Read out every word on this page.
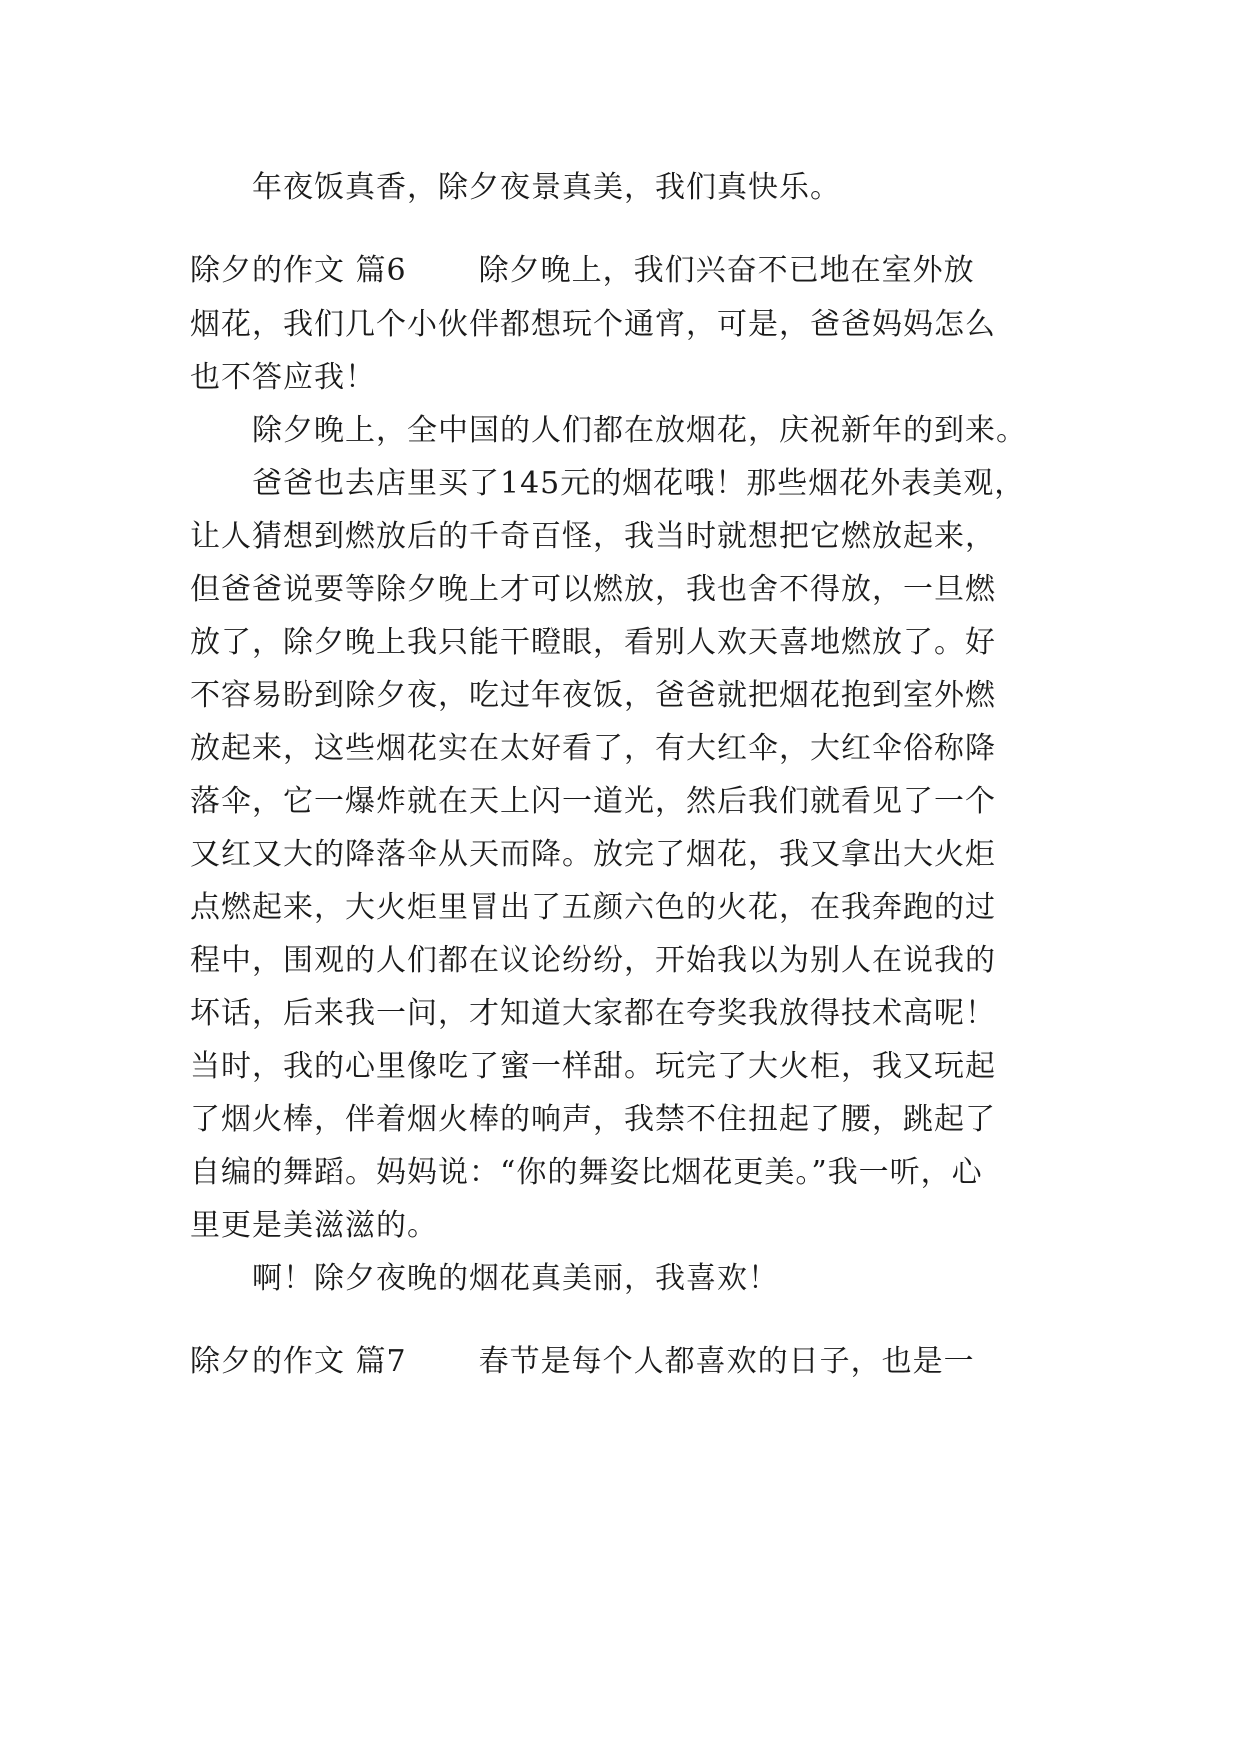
年夜饭真香，除夕夜景真美，我们真快乐。
除夕的作文 篇6 除夕晚上，我们兴奋不已地在室外放
烟花，我们几个小伙伴都想玩个通宵，可是，爸爸妈妈怎么
也不答应我！
除夕晚上，全中国的人们都在放烟花，庆祝新年的到来。
爸爸也去店里买了145元的烟花哦！那些烟花外表美观，
让人猜想到燃放后的千奇百怪，我当时就想把它燃放起来，
但爸爸说要等除夕晚上才可以燃放，我也舍不得放，一旦燃
放了，除夕晚上我只能干瞪眼，看别人欢天喜地燃放了。好
不容易盼到除夕夜，吃过年夜饭，爸爸就把烟花抱到室外燃
放起来，这些烟花实在太好看了，有大红伞，大红伞俗称降
落伞，它一爆炸就在天上闪一道光，然后我们就看见了一个
又红又大的降落伞从天而降。放完了烟花，我又拿出大火炬
点燃起来，大火炬里冒出了五颜六色的火花，在我奔跑的过
程中，围观的人们都在议论纷纷，开始我以为别人在说我的
坏话，后来我一问，才知道大家都在夸奖我放得技术高呢！
当时，我的心里像吃了蜜一样甜。玩完了大火柜，我又玩起
了烟火棒，伴着烟火棒的响声，我禁不住扭起了腰，跳起了
自编的舞蹈。妈妈说：“你的舞姿比烟花更美。”我一听，心
里更是美滋滋的。
啊！除夕夜晚的烟花真美丽，我喜欢！
除夕的作文 篇7 春节是每个人都喜欢的日子，也是一
